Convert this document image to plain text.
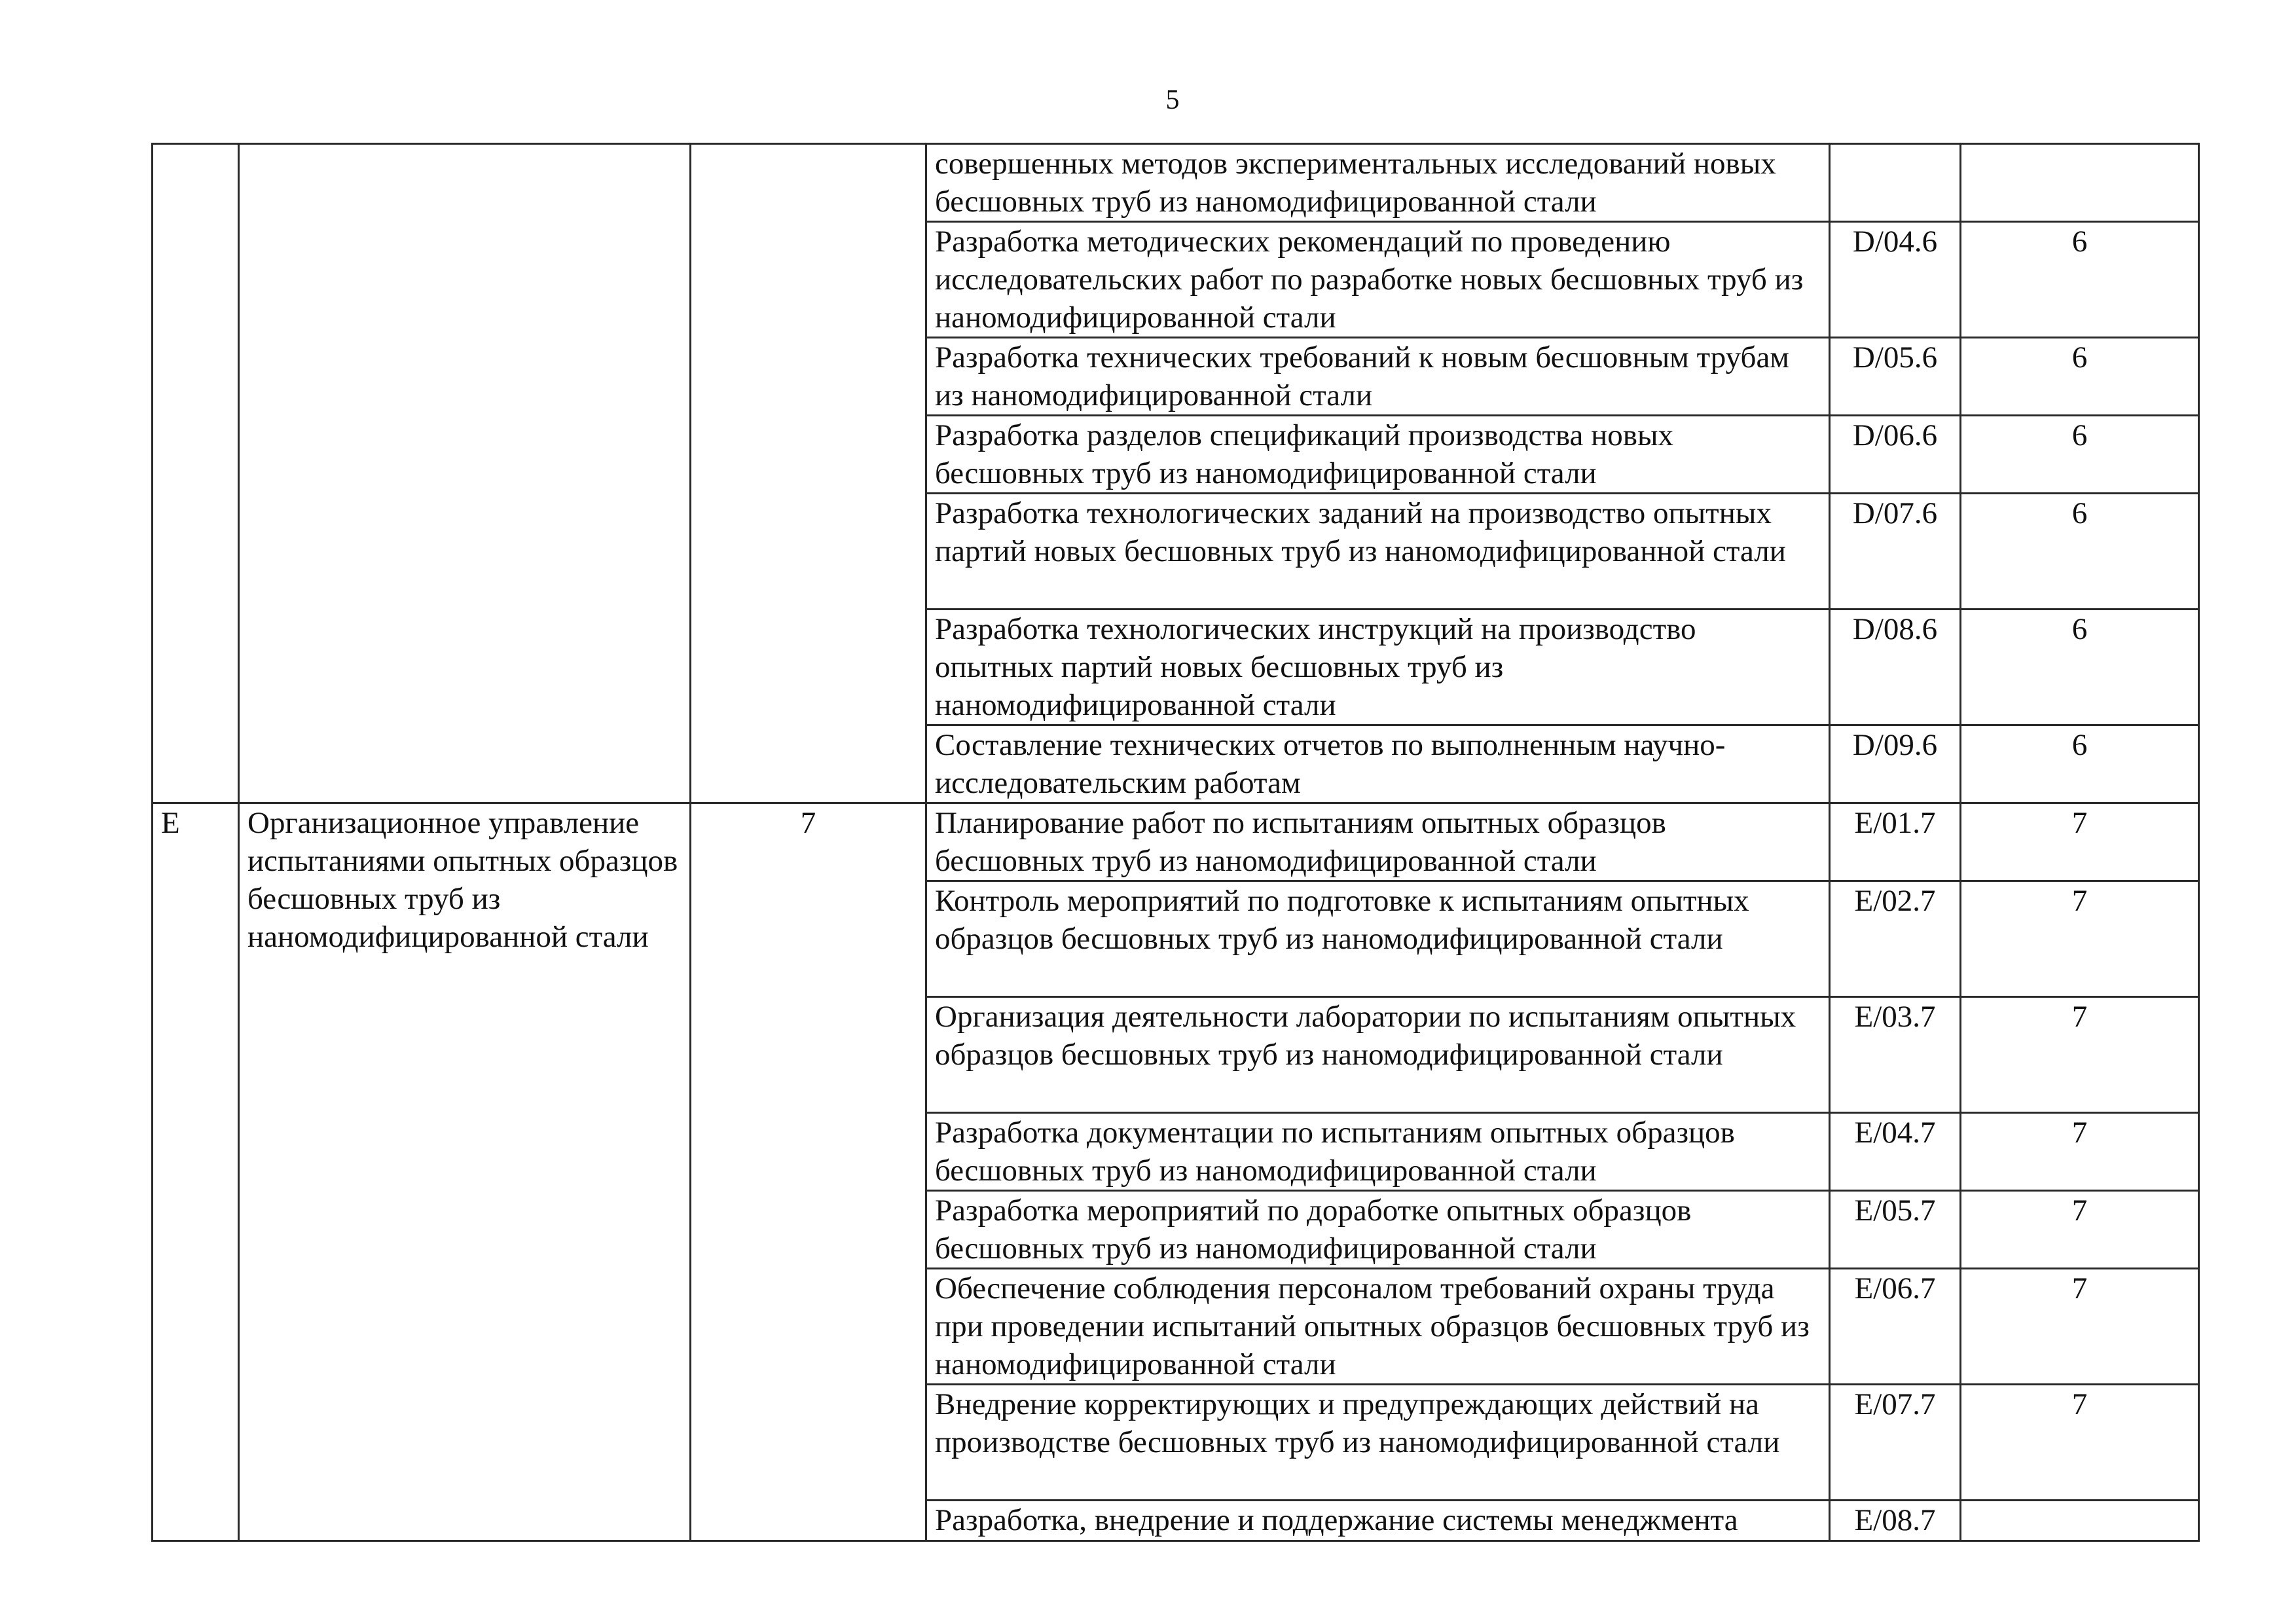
5
			совершенных методов экспериментальных исследований новых бесшовных труб из наномодифицированной стали		
			Разработка методических рекомендаций по проведению исследовательских работ по разработке новых бесшовных труб из наномодифицированной стали	D/04.6	6
			Разработка технических требований к новым бесшовным трубам из наномодифицированной стали	D/05.6	6
			Разработка разделов спецификаций производства новых бесшовных труб из наномодифицированной стали	D/06.6	6
			Разработка технологических заданий на производство опытных партий новых бесшовных труб из наномодифицированной стали	D/07.6	6
			Разработка технологических инструкций на производство опытных партий новых бесшовных труб из наномодифицированной стали	D/08.6	6
			Составление технических отчетов по выполненным научно-исследовательским работам	D/09.6	6
E	Организационное управление испытаниями опытных образцов бесшовных труб из наномодифицированной стали	7	Планирование работ по испытаниям опытных образцов бесшовных труб из наномодифицированной стали	E/01.7	7
			Контроль мероприятий по подготовке к испытаниям опытных образцов бесшовных труб из наномодифицированной стали	E/02.7	7
			Организация деятельности лаборатории по испытаниям опытных образцов бесшовных труб из наномодифицированной стали	E/03.7	7
			Разработка документации по испытаниям опытных образцов бесшовных труб из наномодифицированной стали	E/04.7	7
			Разработка мероприятий по доработке опытных образцов бесшовных труб из наномодифицированной стали	E/05.7	7
			Обеспечение соблюдения персоналом требований охраны труда при проведении испытаний опытных образцов бесшовных труб из наномодифицированной стали	E/06.7	7
			Внедрение корректирующих и предупреждающих действий на производстве бесшовных труб из наномодифицированной стали	E/07.7	7
			Разработка, внедрение и поддержание системы менеджмента	E/08.7	
